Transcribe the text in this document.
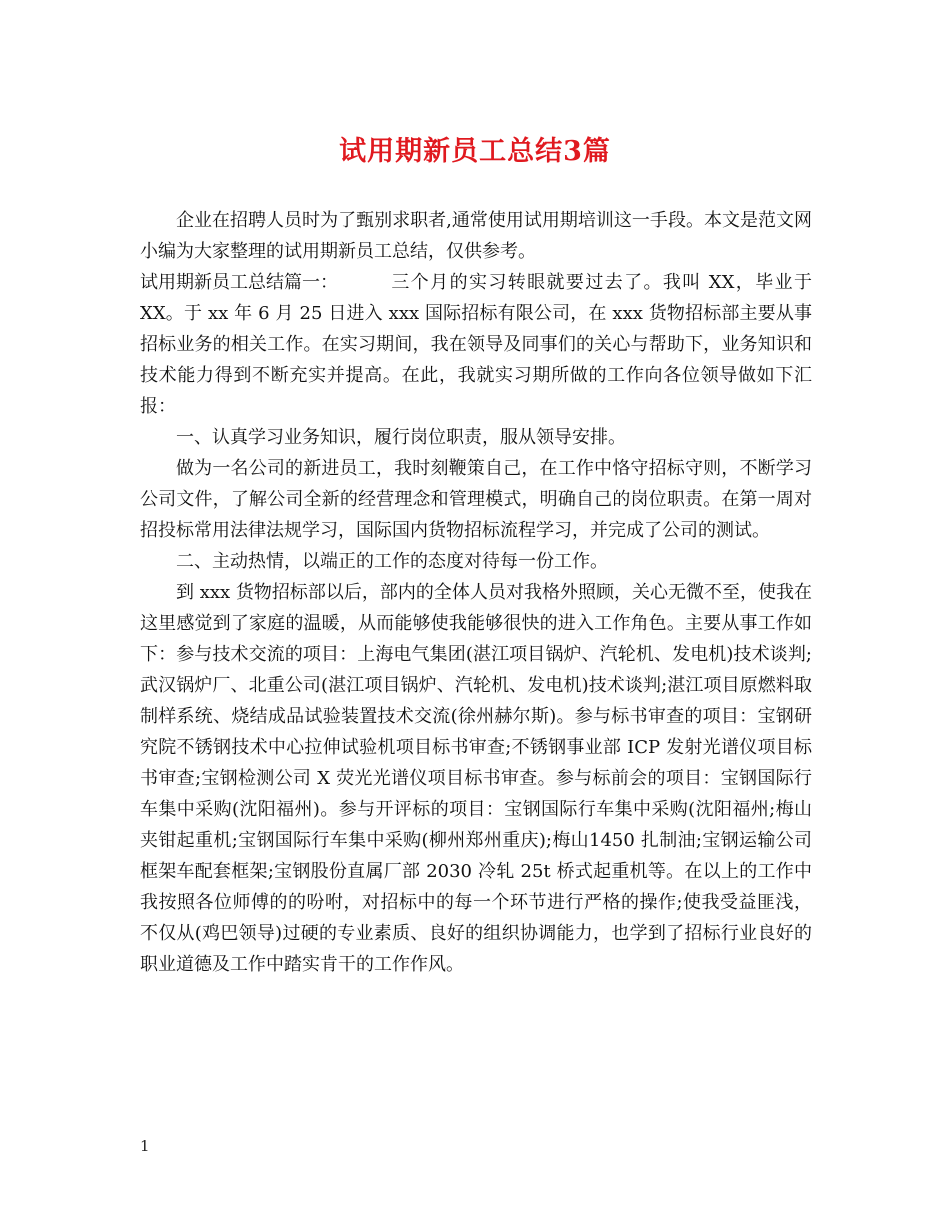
试用期新员工总结3篇

企业在招聘人员时为了甄别求职者,通常使用试用期培训这一手段。本文是范文网小编为大家整理的试用期新员工总结，仅供参考。

试用期新员工总结篇一：	三个月的实习转眼就要过去了。我叫 XX，毕业于XX。于 xx 年 6 月 25 日进入 xxx 国际招标有限公司，在 xxx 货物招标部主要从事招标业务的相关工作。在实习期间，我在领导及同事们的关心与帮助下，业务知识和技术能力得到不断充实并提高。在此，我就实习期所做的工作向各位领导做如下汇报：

一、认真学习业务知识，履行岗位职责，服从领导安排。

做为一名公司的新进员工，我时刻鞭策自己，在工作中恪守招标守则，不断学习公司文件，了解公司全新的经营理念和管理模式，明确自己的岗位职责。在第一周对招投标常用法律法规学习，国际国内货物招标流程学习，并完成了公司的测试。

二、主动热情，以端正的工作的态度对待每一份工作。

到 xxx 货物招标部以后，部内的全体人员对我格外照顾，关心无微不至，使我在这里感觉到了家庭的温暖，从而能够使我能够很快的进入工作角色。主要从事工作如下：参与技术交流的项目：上海电气集团(湛江项目锅炉、汽轮机、发电机)技术谈判;武汉锅炉厂、北重公司(湛江项目锅炉、汽轮机、发电机)技术谈判;湛江项目原燃料取制样系统、烧结成品试验装置技术交流(徐州赫尔斯)。参与标书审查的项目：宝钢研究院不锈钢技术中心拉伸试验机项目标书审查;不锈钢事业部 ICP 发射光谱仪项目标书审查;宝钢检测公司 X 荧光光谱仪项目标书审查。参与标前会的项目：宝钢国际行车集中采购(沈阳福州)。参与开评标的项目：宝钢国际行车集中采购(沈阳福州;梅山夹钳起重机;宝钢国际行车集中采购(柳州郑州重庆);梅山1450 扎制油;宝钢运输公司框架车配套框架;宝钢股份直属厂部 2030 冷轧 25t 桥式起重机等。在以上的工作中我按照各位师傅的的吩咐，对招标中的每一个环节进行严格的操作;使我受益匪浅，不仅从(鸡巴领导)过硬的专业素质、良好的组织协调能力，也学到了招标行业良好的职业道德及工作中踏实肯干的工作作风。

1
